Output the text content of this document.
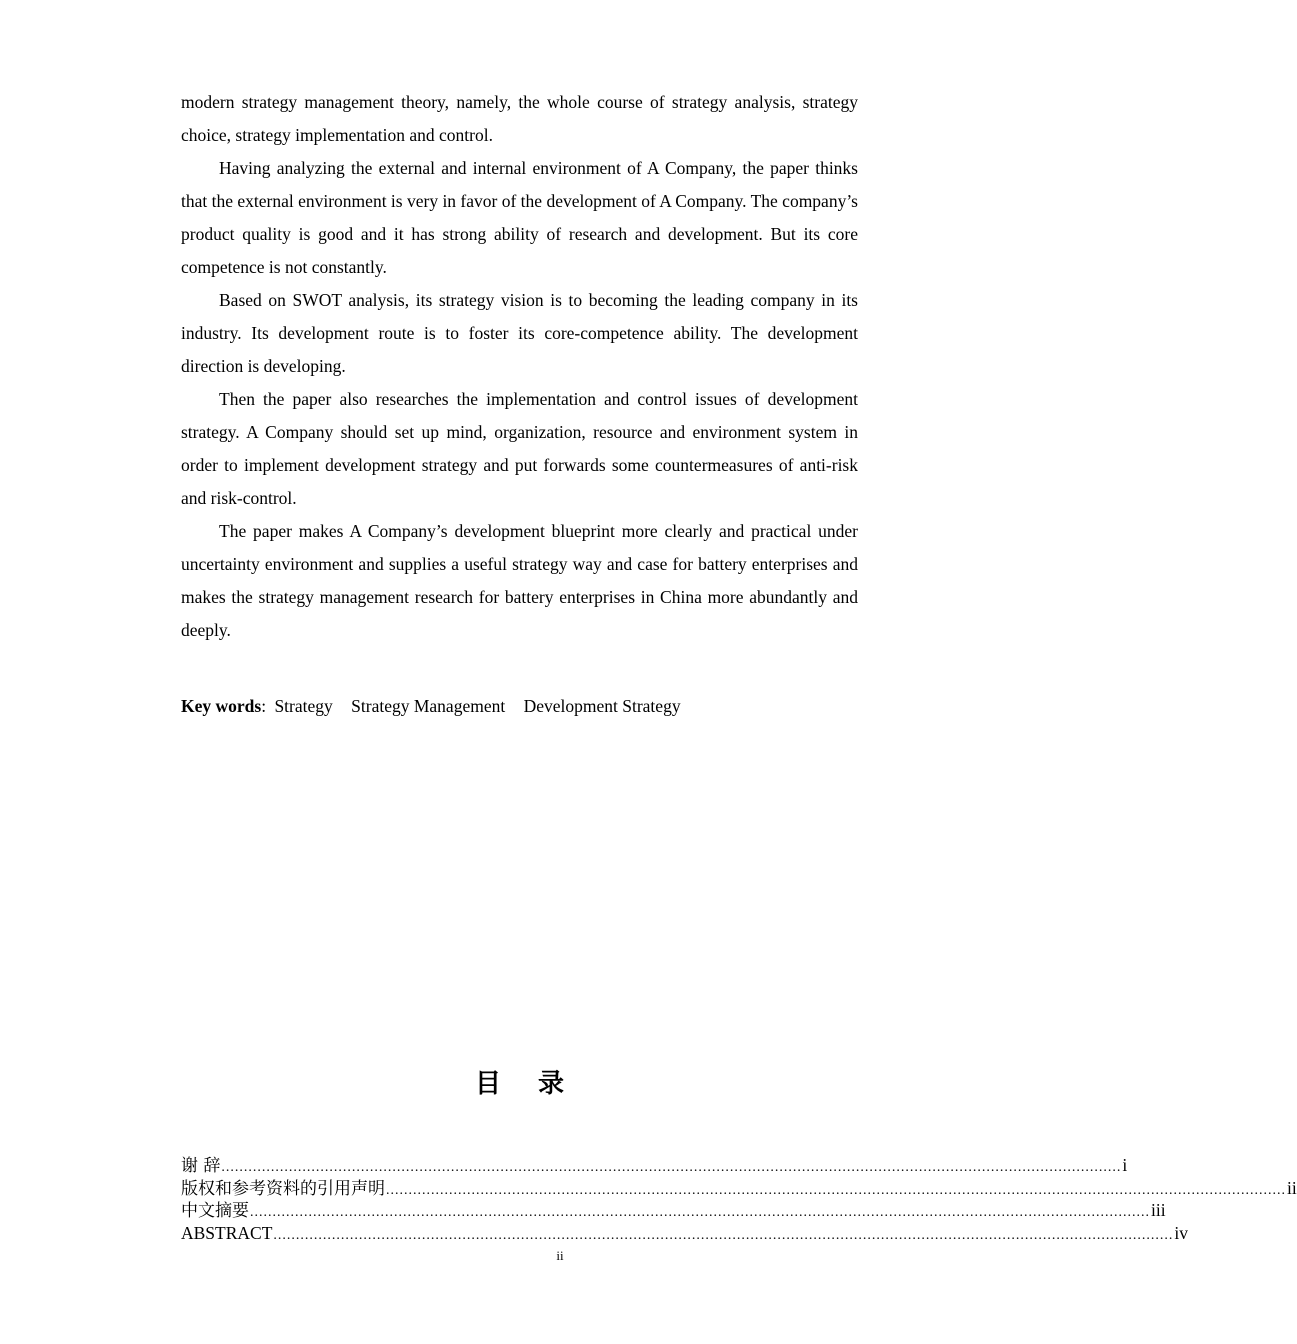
modern strategy management theory, namely, the whole course of strategy analysis, strategy choice, strategy implementation and control.

Having analyzing the external and internal environment of A Company, the paper thinks that the external environment is very in favor of the development of A Company. The company’s product quality is good and it has strong ability of research and development. But its core competence is not constantly.

Based on SWOT analysis, its strategy vision is to becoming the leading company in its industry. Its development route is to foster its core-competence ability. The development direction is developing.

Then the paper also researches the implementation and control issues of development strategy. A Company should set up mind, organization, resource and environment system in order to implement development strategy and put forwards some countermeasures of anti-risk and risk-control.

The paper makes A Company’s development blueprint more clearly and practical under uncertainty environment and supplies a useful strategy way and case for battery enterprises and makes the strategy management research for battery enterprises in China more abundantly and deeply.

Key words: Strategy Strategy Management Development Strategy
目 录
谢 辞 ........................................................................................................................................................................................................ i
版权和参考资料的引用声明 ........................................................................................................................................................................................................ ii
中文摘要 ........................................................................................................................................................................................................ iii
ABSTRACT ........................................................................................................................................................................................................ iv
ii
